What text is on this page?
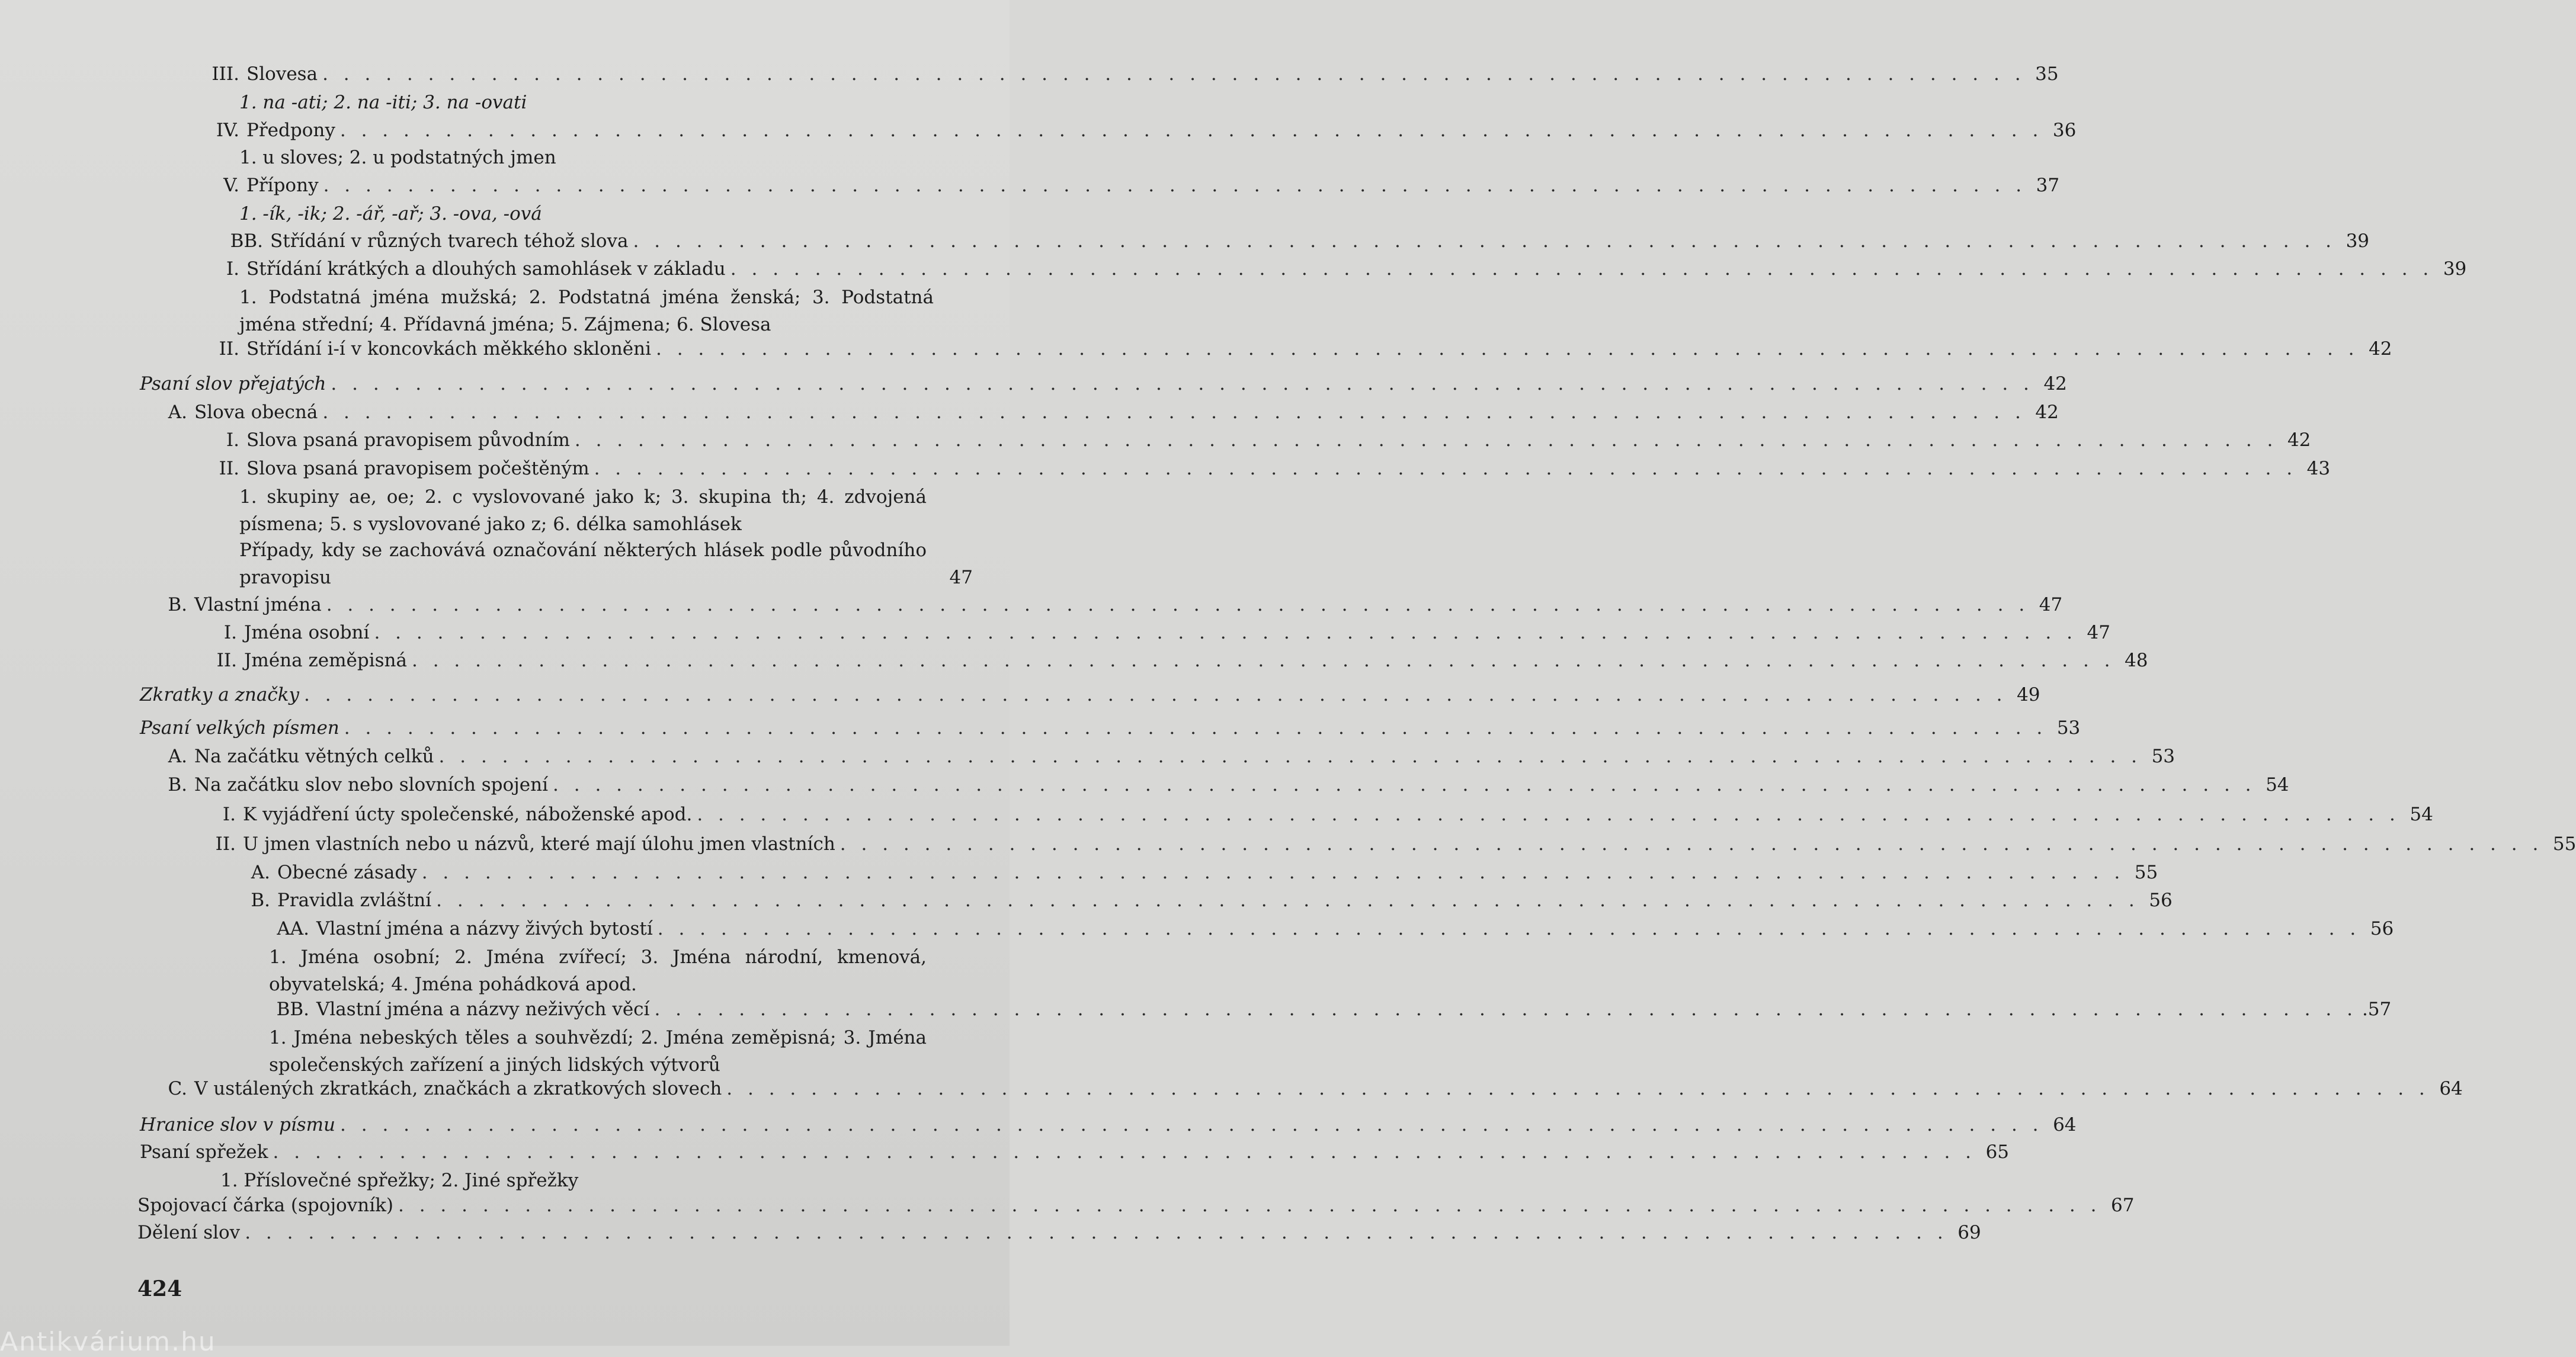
III. Slovesa . . . . . . . . . . . . . . . . . . . . . . . . . . . . . . . . . . . . . . . . . . . . . . . . . . . . . . . . . . . . . . . . . . . . . . . . . . . . . . . . . 35
1. na -ati; 2. na -iti; 3. na -ovati
IV. Předpony . . . . . . . . . . . . . . . . . . . . . . . . . . . . . . . . . . . . . . . . . . . . . . . . . . . . . . . . . . . . . . . . . . . . . . . . . . . . . . . . . 36
1. u sloves; 2. u podstatných jmen
V. Přípony . . . . . . . . . . . . . . . . . . . . . . . . . . . . . . . . . . . . . . . . . . . . . . . . . . . . . . . . . . . . . . . . . . . . . . . . . . . . . . . . . 37
1. -ík, -ik; 2. -ář, -ař; 3. -ova, -ová
BB. Střídání v různých tvarech téhož slova . . . . . . . . . . . . . . . . . . . . . . . . . . . . . . . . . . . . . . . . . . . . . . . . . . . . . . . . . . . . . . . . . . . . . . . . . . . . . . . . . 39
I. Střídání krátkých a dlouhých samohlásek v základu . . . . . . . . . . . . . . . . . . . . . . . . . . . . . . . . . . . . . . . . . . . . . . . . . . . . . . . . . . . . . . . . . . . . . . . . . . . . . . . . . 39
1. Podstatná jména mužská; 2. Podstatná jména ženská; 3. Podstatná jména střední; 4. Přídavná jména; 5. Zájmena; 6. Slovesa
II. Střídání i-í v koncovkách měkkého skloněni . . . . . . . . . . . . . . . . . . . . . . . . . . . . . . . . . . . . . . . . . . . . . . . . . . . . . . . . . . . . . . . . . . . . . . . . . . . . . . . . . 42
Psaní slov přejatých . . . . . . . . . . . . . . . . . . . . . . . . . . . . . . . . . . . . . . . . . . . . . . . . . . . . . . . . . . . . . . . . . . . . . . . . . . . . . . . . . 42
A. Slova obecná . . . . . . . . . . . . . . . . . . . . . . . . . . . . . . . . . . . . . . . . . . . . . . . . . . . . . . . . . . . . . . . . . . . . . . . . . . . . . . . . . 42
I. Slova psaná pravopisem původním . . . . . . . . . . . . . . . . . . . . . . . . . . . . . . . . . . . . . . . . . . . . . . . . . . . . . . . . . . . . . . . . . . . . . . . . . . . . . . . . . 42
II. Slova psaná pravopisem počeštěným . . . . . . . . . . . . . . . . . . . . . . . . . . . . . . . . . . . . . . . . . . . . . . . . . . . . . . . . . . . . . . . . . . . . . . . . . . . . . . . . . 43
1. skupiny ae, oe; 2. c vyslovované jako k; 3. skupina th; 4. zdvojená písmena; 5. s vyslovované jako z; 6. délka samohlásek
Případy, kdy se zachovává označování některých hlásek podle původního pravopisu	47
B. Vlastní jména . . . . . . . . . . . . . . . . . . . . . . . . . . . . . . . . . . . . . . . . . . . . . . . . . . . . . . . . . . . . . . . . . . . . . . . . . . . . . . . . . 47
I. Jména osobní . . . . . . . . . . . . . . . . . . . . . . . . . . . . . . . . . . . . . . . . . . . . . . . . . . . . . . . . . . . . . . . . . . . . . . . . . . . . . . . . . 47
II. Jména zeměpisná . . . . . . . . . . . . . . . . . . . . . . . . . . . . . . . . . . . . . . . . . . . . . . . . . . . . . . . . . . . . . . . . . . . . . . . . . . . . . . . . . 48
Zkratky a značky . . . . . . . . . . . . . . . . . . . . . . . . . . . . . . . . . . . . . . . . . . . . . . . . . . . . . . . . . . . . . . . . . . . . . . . . . . . . . . . . . 49
Psaní velkých písmen . . . . . . . . . . . . . . . . . . . . . . . . . . . . . . . . . . . . . . . . . . . . . . . . . . . . . . . . . . . . . . . . . . . . . . . . . . . . . . . . . 53
A. Na začátku větných celků . . . . . . . . . . . . . . . . . . . . . . . . . . . . . . . . . . . . . . . . . . . . . . . . . . . . . . . . . . . . . . . . . . . . . . . . . . . . . . . . . 53
B. Na začátku slov nebo slovních spojení . . . . . . . . . . . . . . . . . . . . . . . . . . . . . . . . . . . . . . . . . . . . . . . . . . . . . . . . . . . . . . . . . . . . . . . . . . . . . . . . . 54
I. K vyjádření úcty společenské, náboženské apod. . . . . . . . . . . . . . . . . . . . . . . . . . . . . . . . . . . . . . . . . . . . . . . . . . . . . . . . . . . . . . . . . . . . . . . . . . . . . . . . . . 54
II. U jmen vlastních nebo u názvů, které mají úlohu jmen vlastních . . . . . . . . . . . . . . . . . . . . . . . . . . . . . . . . . . . . . . . . . . . . . . . . . . . . . . . . . . . . . . . . . . . . . . . . . . . . . . . . . 55
A. Obecné zásady . . . . . . . . . . . . . . . . . . . . . . . . . . . . . . . . . . . . . . . . . . . . . . . . . . . . . . . . . . . . . . . . . . . . . . . . . . . . . . . . . 55
B. Pravidla zvláštní . . . . . . . . . . . . . . . . . . . . . . . . . . . . . . . . . . . . . . . . . . . . . . . . . . . . . . . . . . . . . . . . . . . . . . . . . . . . . . . . . 56
AA. Vlastní jména a názvy živých bytostí . . . . . . . . . . . . . . . . . . . . . . . . . . . . . . . . . . . . . . . . . . . . . . . . . . . . . . . . . . . . . . . . . . . . . . . . . . . . . . . . . 56
1. Jména osobní; 2. Jména zvířecí; 3. Jména národní, kmenová, obyvatelská; 4. Jména pohádková apod.
BB. Vlastní jména a názvy neživých věcí . . . . . . . . . . . . . . . . . . . . . . . . . . . . . . . . . . . . . . . . . . . . . . . . . . . . . . . . . . . . . . . . . . . . . . . . . . . . . . . . . .57
1. Jména nebeských těles a souhvězdí; 2. Jména zeměpisná; 3. Jména společenských zařízení a jiných lidských výtvorů
C. V ustálených zkratkách, značkách a zkratkových slovech . . . . . . . . . . . . . . . . . . . . . . . . . . . . . . . . . . . . . . . . . . . . . . . . . . . . . . . . . . . . . . . . . . . . . . . . . . . . . . . . . 64
Hranice slov v písmu . . . . . . . . . . . . . . . . . . . . . . . . . . . . . . . . . . . . . . . . . . . . . . . . . . . . . . . . . . . . . . . . . . . . . . . . . . . . . . . . . 64
Psaní spřežek . . . . . . . . . . . . . . . . . . . . . . . . . . . . . . . . . . . . . . . . . . . . . . . . . . . . . . . . . . . . . . . . . . . . . . . . . . . . . . . . . 65
1. Příslovečné spřežky; 2. Jiné spřežky
Spojovací čárka (spojovník) . . . . . . . . . . . . . . . . . . . . . . . . . . . . . . . . . . . . . . . . . . . . . . . . . . . . . . . . . . . . . . . . . . . . . . . . . . . . . . . . . 67
Dělení slov . . . . . . . . . . . . . . . . . . . . . . . . . . . . . . . . . . . . . . . . . . . . . . . . . . . . . . . . . . . . . . . . . . . . . . . . . . . . . . . . . 69
424
Antikvárium.hu
